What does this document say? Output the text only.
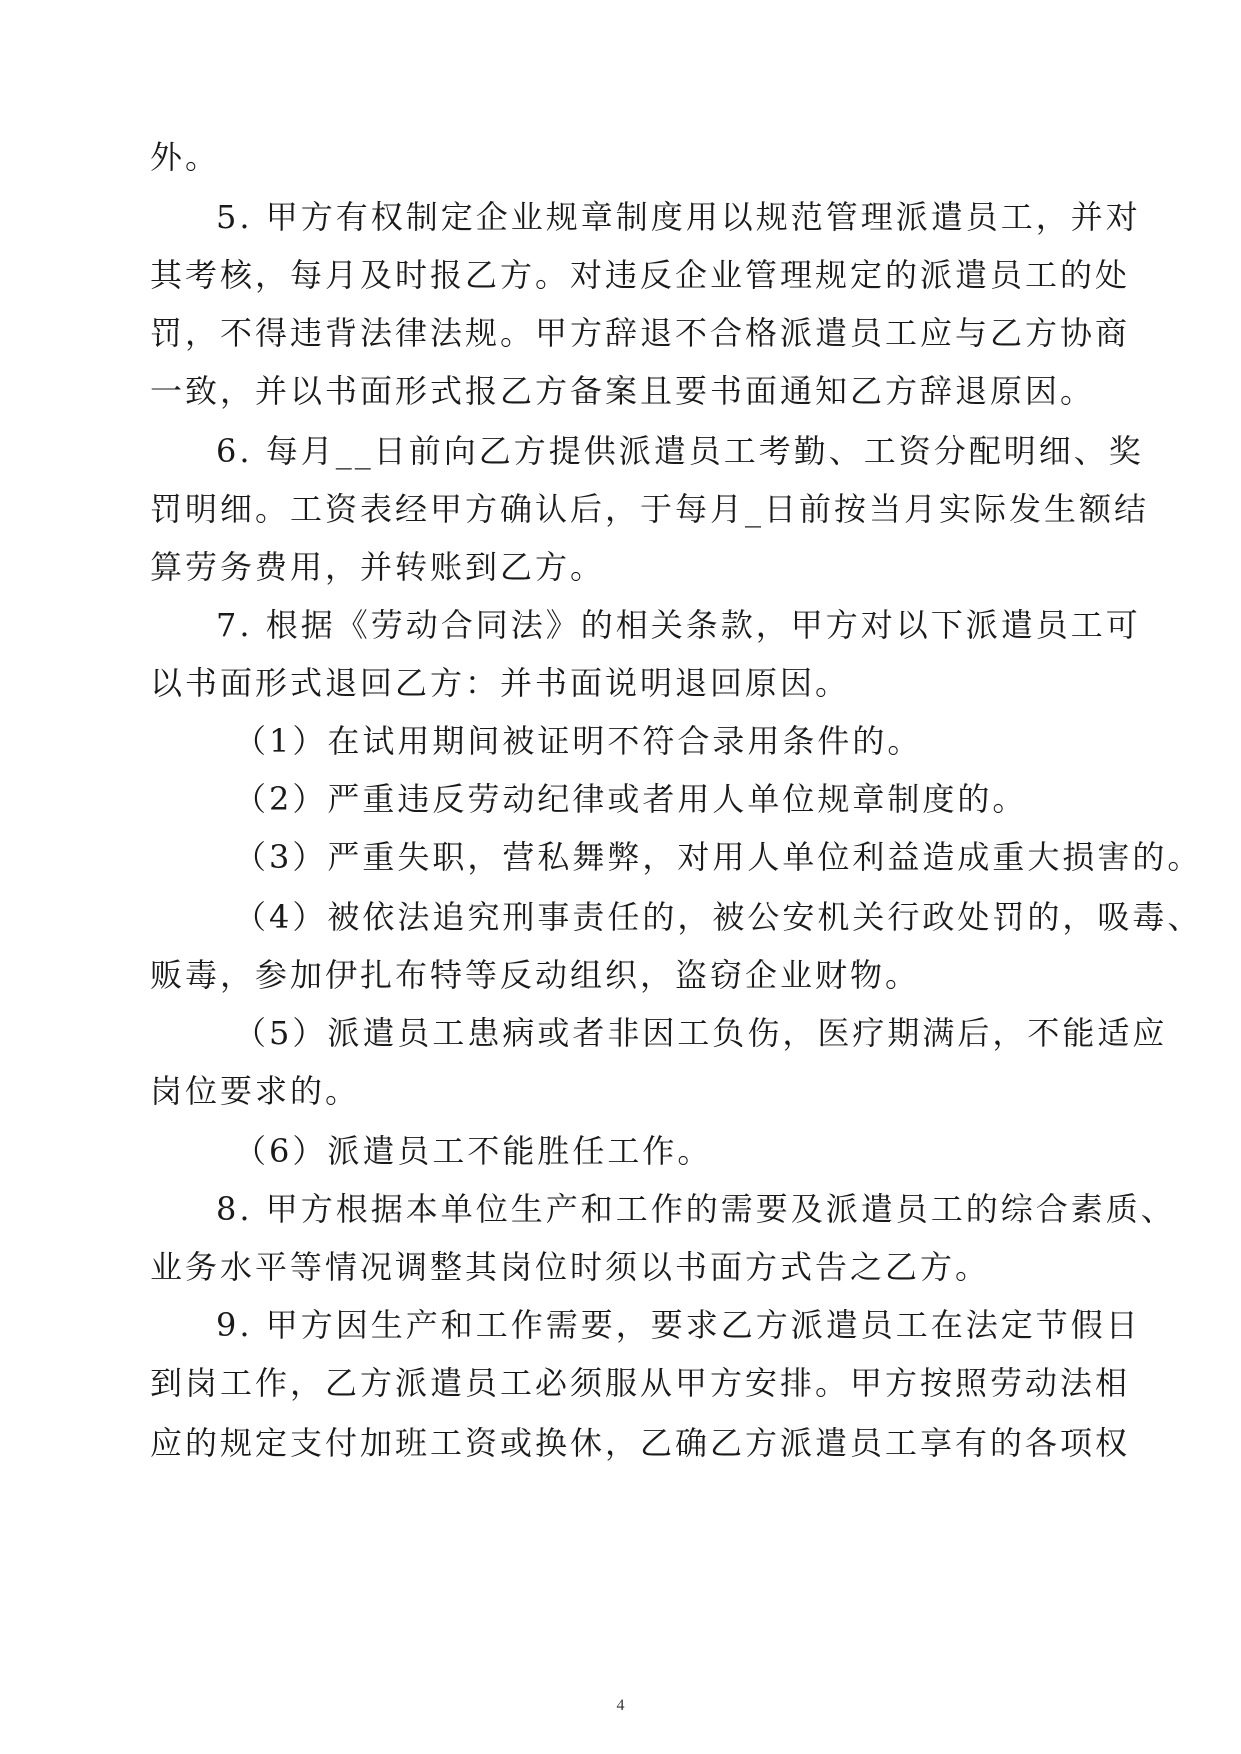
外。
5. 甲方有权制定企业规章制度用以规范管理派遣员工，并对
其考核，每月及时报乙方。对违反企业管理规定的派遣员工的处
罚，不得违背法律法规。甲方辞退不合格派遣员工应与乙方协商
一致，并以书面形式报乙方备案且要书面通知乙方辞退原因。
6. 每月__日前向乙方提供派遣员工考勤、工资分配明细、奖
罚明细。工资表经甲方确认后，于每月_日前按当月实际发生额结
算劳务费用，并转账到乙方。
7. 根据《劳动合同法》的相关条款，甲方对以下派遣员工可
以书面形式退回乙方：并书面说明退回原因。
（1）在试用期间被证明不符合录用条件的。
（2）严重违反劳动纪律或者用人单位规章制度的。
（3）严重失职，营私舞弊，对用人单位利益造成重大损害的。
（4）被依法追究刑事责任的，被公安机关行政处罚的，吸毒、
贩毒，参加伊扎布特等反动组织，盗窃企业财物。
（5）派遣员工患病或者非因工负伤，医疗期满后，不能适应
岗位要求的。
（6）派遣员工不能胜任工作。
8. 甲方根据本单位生产和工作的需要及派遣员工的综合素质、
业务水平等情况调整其岗位时须以书面方式告之乙方。
9. 甲方因生产和工作需要，要求乙方派遣员工在法定节假日
到岗工作，乙方派遣员工必须服从甲方安排。甲方按照劳动法相
应的规定支付加班工资或换休，乙确乙方派遣员工享有的各项权
4
